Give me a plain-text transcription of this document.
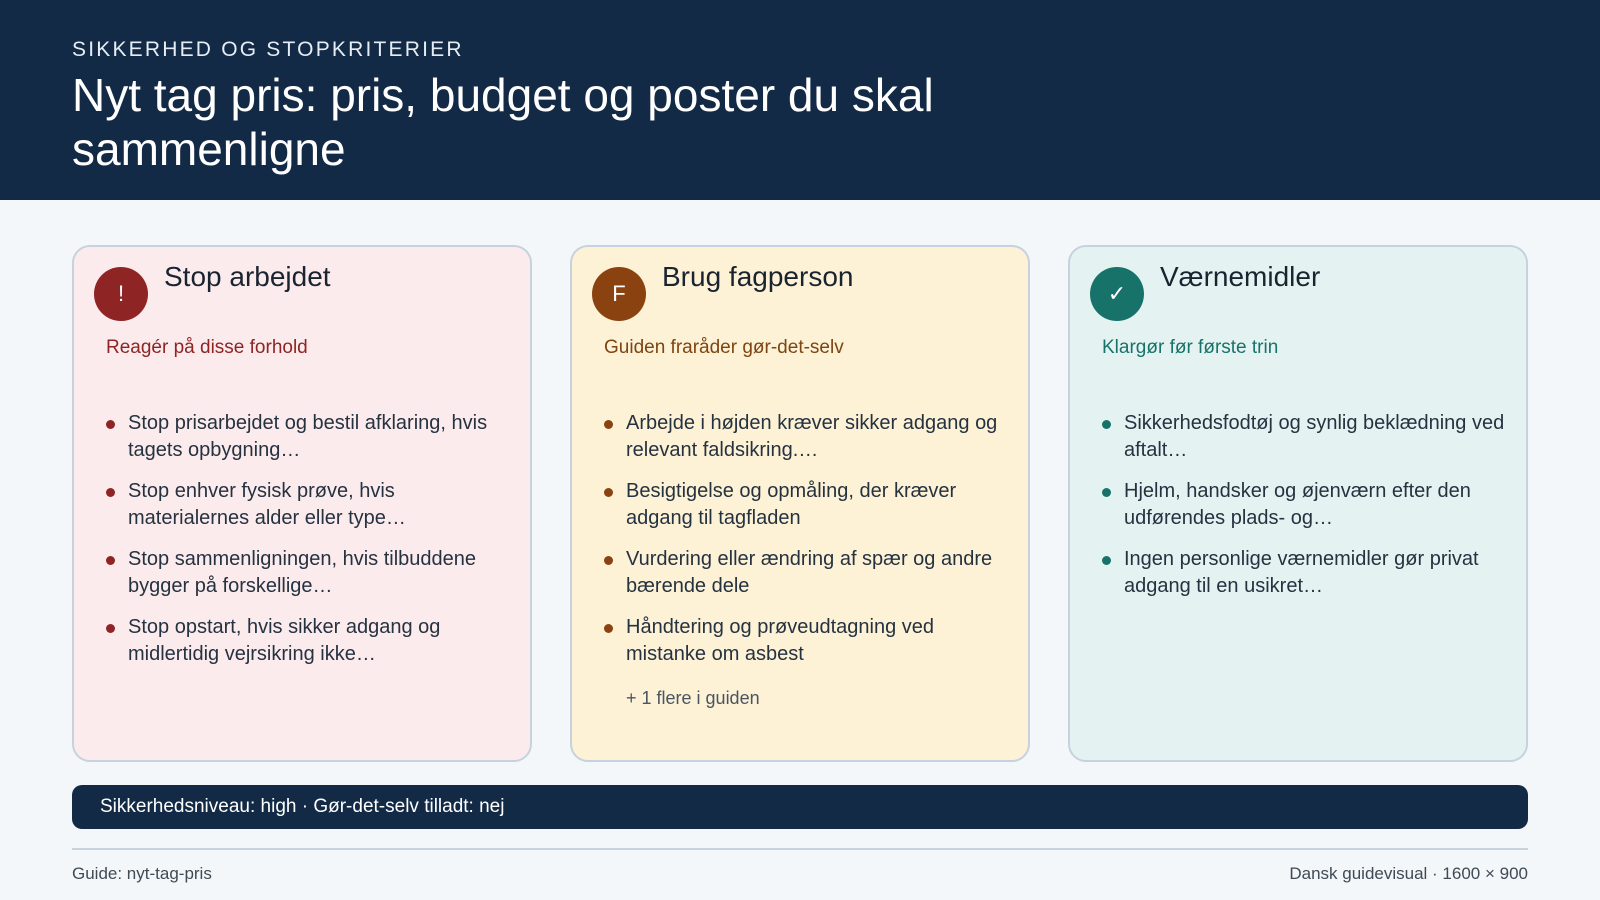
SIKKERHED OG STOPKRITERIER
Nyt tag pris: pris, budget og poster du skal sammenligne
!
Stop arbejdet
Reagér på disse forhold
Stop prisarbejdet og bestil afklaring, hvis tagets opbygning…
Stop enhver fysisk prøve, hvis materialernes alder eller type…
Stop sammenligningen, hvis tilbuddene bygger på forskellige…
Stop opstart, hvis sikker adgang og midlertidig vejrsikring ikke…
F
Brug fagperson
Guiden fraråder gør-det-selv
Arbejde i højden kræver sikker adgang og relevant faldsikring.…
Besigtigelse og opmåling, der kræver adgang til tagfladen
Vurdering eller ændring af spær og andre bærende dele
Håndtering og prøveudtagning ved mistanke om asbest
+ 1 flere i guiden
✓
Værnemidler
Klargør før første trin
Sikkerhedsfodtøj og synlig beklædning ved aftalt…
Hjelm, handsker og øjenværn efter den udførendes plads- og…
Ingen personlige værnemidler gør privat adgang til en usikret…
Sikkerhedsniveau: high · Gør-det-selv tilladt: nej
Guide: nyt-tag-pris	Dansk guidevisual · 1600 × 900
